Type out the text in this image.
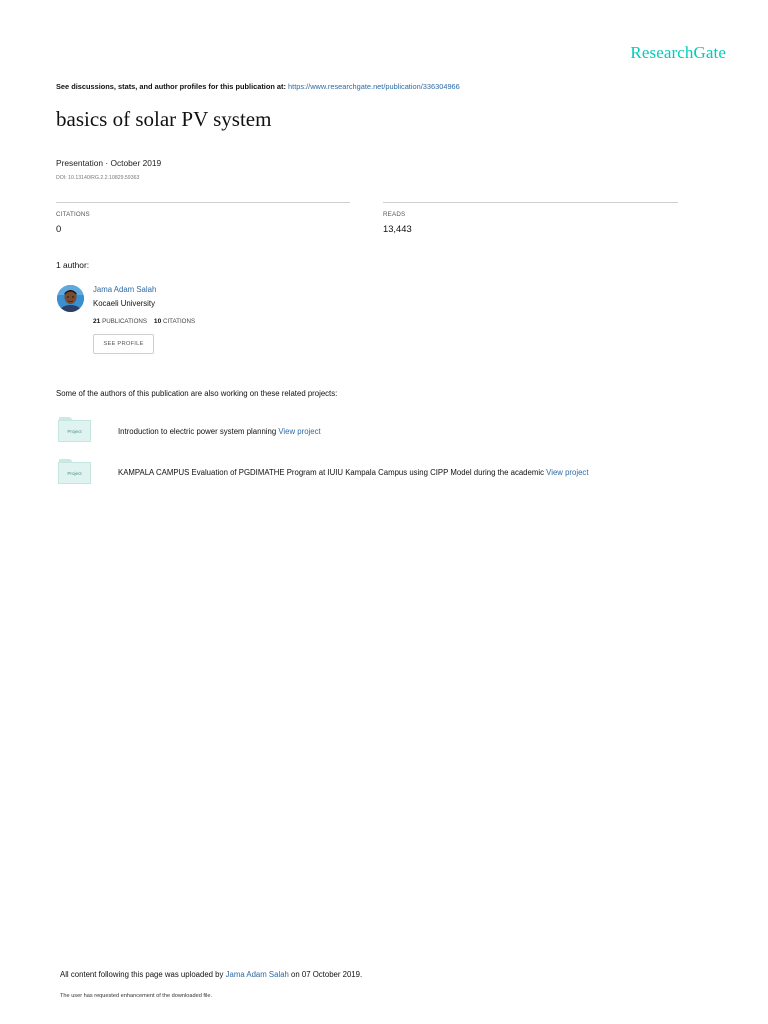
ResearchGate
See discussions, stats, and author profiles for this publication at: https://www.researchgate.net/publication/336304966
basics of solar PV system
Presentation · October 2019
DOI: 10.13140/RG.2.2.10829.59363
CITATIONS
0
READS
13,443
1 author:
Jama Adam Salah
Kocaeli University
21 PUBLICATIONS 10 CITATIONS
SEE PROFILE
Some of the authors of this publication are also working on these related projects:
Project	Introduction to electric power system planning View project
Project	KAMPALA CAMPUS Evaluation of PGDIMATHE Program at IUIU Kampala Campus using CIPP Model during the academic View project
All content following this page was uploaded by Jama Adam Salah on 07 October 2019.
The user has requested enhancement of the downloaded file.
